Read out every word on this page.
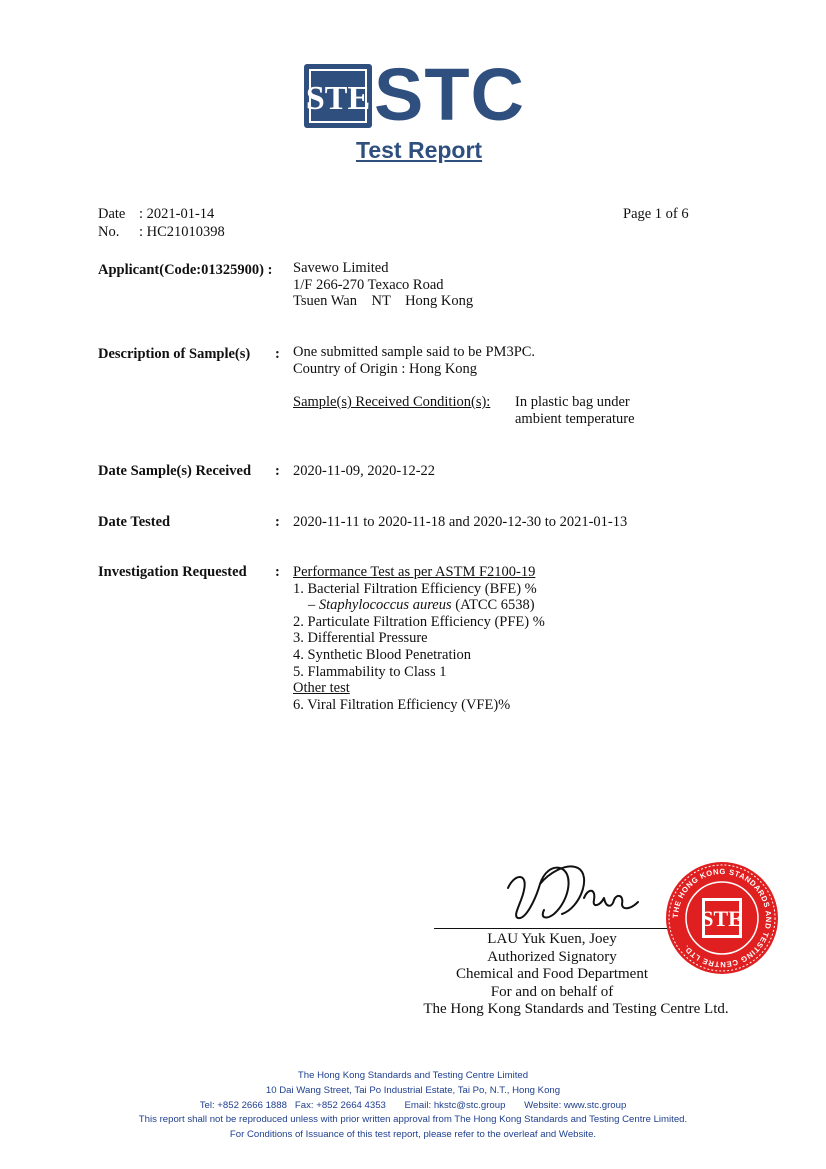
STE STC
Test Report
Date : 2021-01-14
No. : HC21010398
Page 1 of 6
Applicant(Code:01325900) : Savewo Limited
1/F 266-270 Texaco Road
Tsuen Wan    NT    Hong Kong
Description of Sample(s) : One submitted sample said to be PM3PC.
Country of Origin : Hong Kong
Sample(s) Received Condition(s): In plastic bag under
ambient temperature
Date Sample(s) Received : 2020-11-09, 2020-12-22
Date Tested	: 2020-11-11 to 2020-11-18 and 2020-12-30 to 2021-01-13
Investigation Requested : Performance Test as per ASTM F2100-19
1. Bacterial Filtration Efficiency (BFE) %
– Staphylococcus aureus (ATCC 6538)
2. Particulate Filtration Efficiency (PFE) %
3. Differential Pressure
4. Synthetic Blood Penetration
5. Flammability to Class 1
Other test
6. Viral Filtration Efficiency (VFE)%
THE HONG KONG STANDARDS AND TESTING CENTRE LTD.
STE
LAU Yuk Kuen, Joey
Authorized Signatory
Chemical and Food Department
For and on behalf of
The Hong Kong Standards and Testing Centre Ltd.
The Hong Kong Standards and Testing Centre Limited
10 Dai Wang Street, Tai Po Industrial Estate, Tai Po, N.T., Hong Kong
Tel: +852 2666 1888   Fax: +852 2664 4353       Email: hkstc@stc.group       Website: www.stc.group
This report shall not be reproduced unless with prior written approval from The Hong Kong Standards and Testing Centre Limited.
For Conditions of Issuance of this test report, please refer to the overleaf and Website.
